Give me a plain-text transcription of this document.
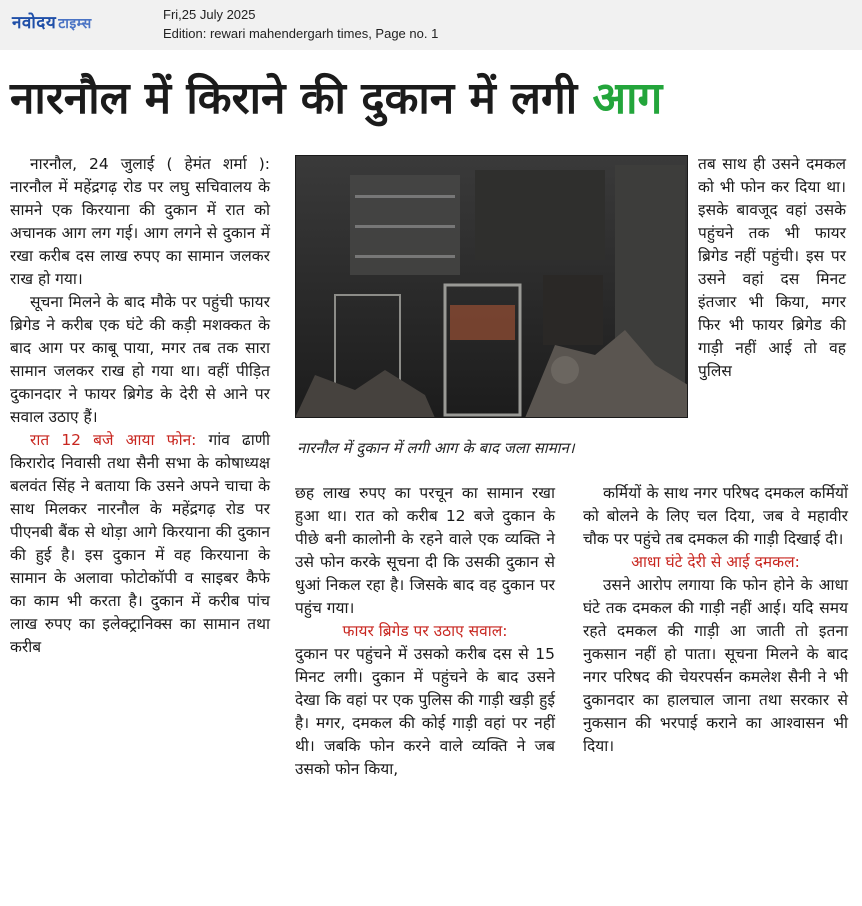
नवोदय टाइम्स
Fri,25 July 2025
Edition: rewari mahendergarh times, Page no. 1
नारनौल में किराने की दुकान में लगी आग

नारनौल, 24 जुलाई ( हेमंत शर्मा ): नारनौल में महेंद्रगढ़ रोड पर लघु सचिवालय के सामने एक किरयाना की दुकान में रात को अचानक आग लग गई। आग लगने से दुकान में रखा करीब दस लाख रुपए का सामान जलकर राख हो गया।

सूचना मिलने के बाद मौके पर पहुंची फायर ब्रिगेड ने करीब एक घंटे की कड़ी मशक्कत के बाद आग पर काबू पाया, मगर तब तक सारा सामान जलकर राख हो गया था। वहीं पीड़ित दुकानदार ने फायर ब्रिगेड के देरी से आने पर सवाल उठाए हैं।

रात 12 बजे आया फोन: गांव ढाणी किरारोद निवासी तथा सैनी सभा के कोषाध्यक्ष बलवंत सिंह ने बताया कि उसने अपने चाचा के साथ मिलकर नारनौल के महेंद्रगढ़ रोड पर पीएनबी बैंक से थोड़ा आगे किरयाना की दुकान की हुई है। इस दुकान में वह किरयाना के सामान के अलावा फोटोकॉपी व साइबर कैफे का काम भी करता है। दुकान में करीब पांच लाख रुपए का इलेक्ट्रानिक्स का सामान तथा करीब

नारनौल में दुकान में लगी आग के बाद जला सामान।

तब साथ ही उसने दमकल को भी फोन कर दिया था। इसके बावजूद वहां उसके पहुंचने तक भी फायर ब्रिगेड नहीं पहुंची। इस पर उसने वहां दस मिनट इंतजार भी किया, मगर फिर भी फायर ब्रिगेड की गाड़ी नहीं आई तो वह पुलिस

छह लाख रुपए का परचून का सामान रखा हुआ था। रात को करीब 12 बजे दुकान के पीछे बनी कालोनी के रहने वाले एक व्यक्ति ने उसे फोन करके सूचना दी कि उसकी दुकान से धुआं निकल रहा है। जिसके बाद वह दुकान पर पहुंच गया।

फायर ब्रिगेड पर उठाए सवाल:

दुकान पर पहुंचने में उसको करीब दस से 15 मिनट लगी। दुकान में पहुंचने के बाद उसने देखा कि वहां पर एक पुलिस की गाड़ी खड़ी हुई है। मगर, दमकल की कोई गाड़ी वहां पर नहीं थी। जबकि फोन करने वाले व्यक्ति ने जब उसको फोन किया,

कर्मियों के साथ नगर परिषद दमकल कर्मियों को बोलने के लिए चल दिया, जब वे महावीर चौक पर पहुंचे तब दमकल की गाड़ी दिखाई दी।

आधा घंटे देरी से आई दमकल:

उसने आरोप लगाया कि फोन होने के आधा घंटे तक दमकल की गाड़ी नहीं आई। यदि समय रहते दमकल की गाड़ी आ जाती तो इतना नुकसान नहीं हो पाता। सूचना मिलने के बाद नगर परिषद की चेयरपर्सन कमलेश सैनी ने भी दुकानदार का हालचाल जाना तथा सरकार से नुकसान की भरपाई कराने का आश्वासन भी दिया।
